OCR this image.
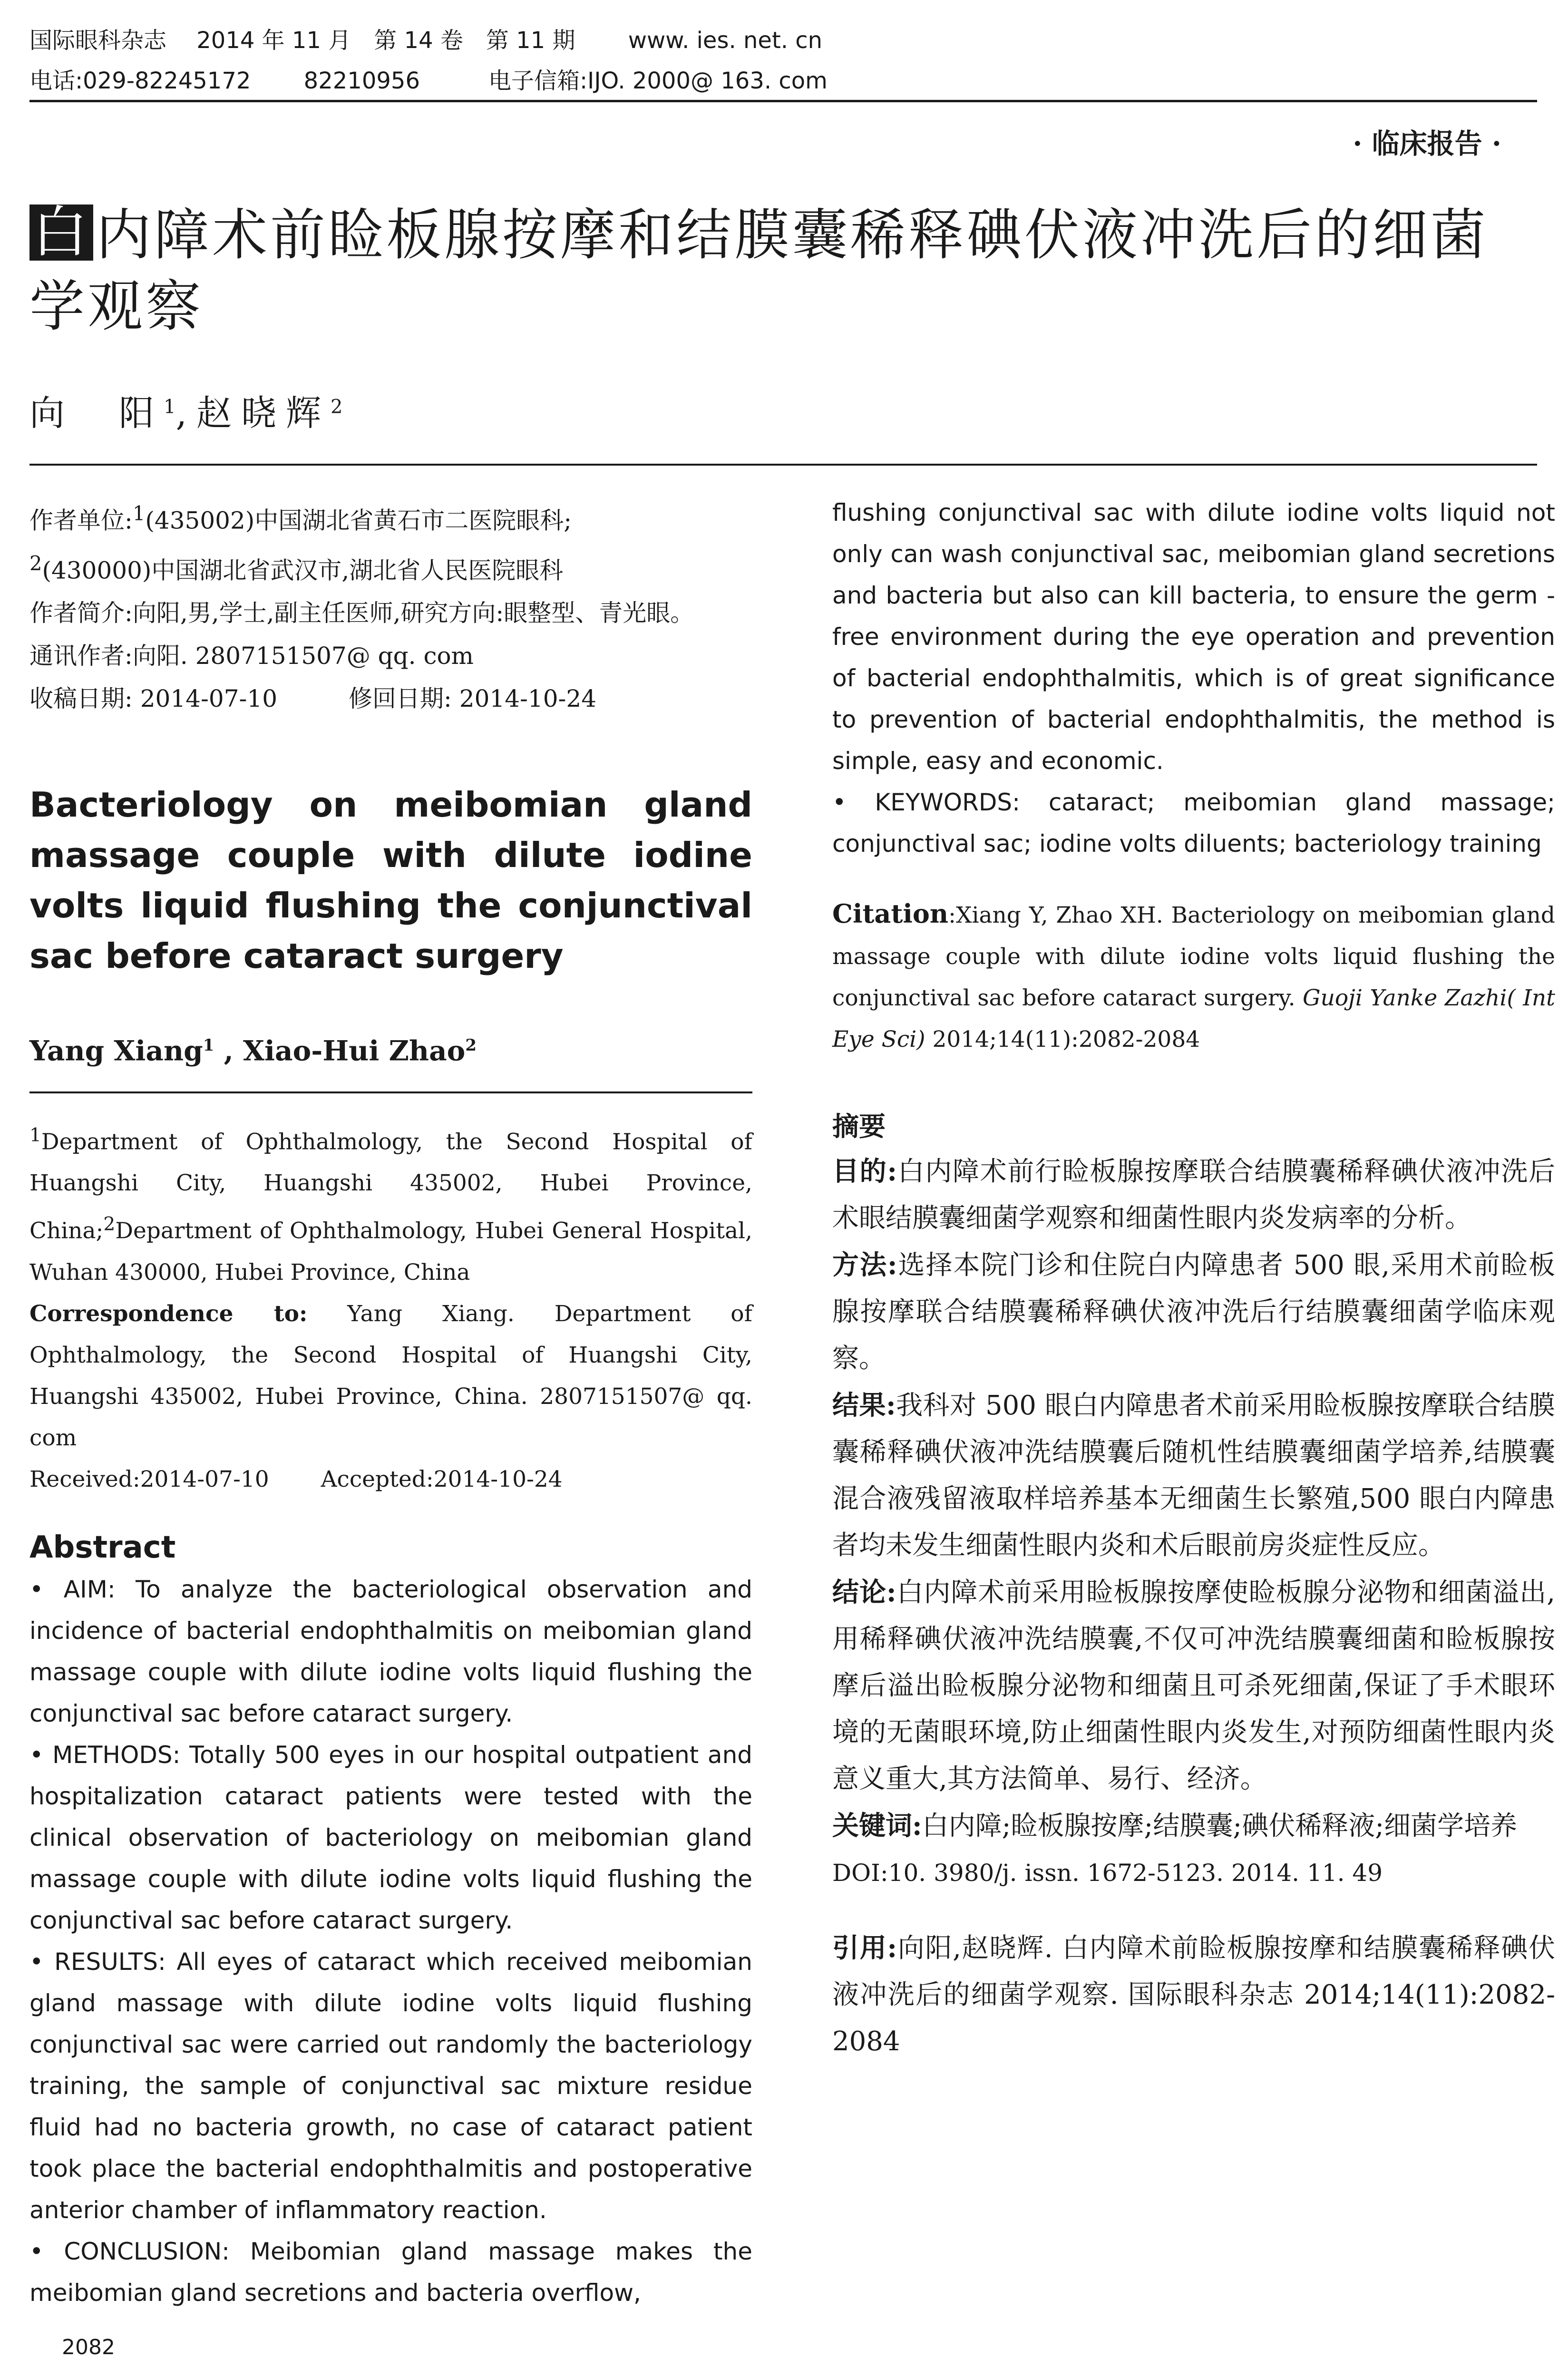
国际眼科杂志　 2014 年 11 月　第 14 卷　第 11 期　　 www. ies. net. cn
电话:029-82245172　　 82210956　　　电子信箱:IJO. 2000@ 163. com
· 临床报告 ·
白 内障术前睑板腺按摩和结膜囊稀释碘伏液冲洗后的细菌学观察
向　阳$^1$,赵晓辉$^2$

作者单位:$^1$(435002)中国湖北省黄石市二医院眼科;
$^2$(430000)中国湖北省武汉市,湖北省人民医院眼科

作者简介:向阳,男,学士,副主任医师,研究方向:眼整型、青光眼。

通讯作者:向阳. 2807151507@ qq. com

收稿日期: 2014-07-10　　　修回日期: 2014-10-24

Bacteriology on meibomian gland massage couple with dilute iodine volts liquid flushing the conjunctival sac before cataract surgery

Yang Xiang$^1$ , Xiao-Hui Zhao$^2$

$^1$Department of Ophthalmology, the Second Hospital of Huangshi City, Huangshi 435002, Hubei Province, China;$^2$Department of Ophthalmology, Hubei General Hospital, Wuhan 430000, Hubei Province, China

Correspondence to: Yang Xiang. Department of Ophthalmology, the Second Hospital of Huangshi City, Huangshi 435002, Hubei Province, China. 2807151507@ qq. com

Received:2014-07-10　　 Accepted:2014-10-24

Abstract

• AIM: To analyze the bacteriological observation and incidence of bacterial endophthalmitis on meibomian gland massage couple with dilute iodine volts liquid flushing the conjunctival sac before cataract surgery.

• METHODS: Totally 500 eyes in our hospital outpatient and hospitalization cataract patients were tested with the clinical observation of bacteriology on meibomian gland massage couple with dilute iodine volts liquid flushing the conjunctival sac before cataract surgery.

• RESULTS: All eyes of cataract which received meibomian gland massage with dilute iodine volts liquid flushing conjunctival sac were carried out randomly the bacteriology training, the sample of conjunctival sac mixture residue fluid had no bacteria growth, no case of cataract patient took place the bacterial endophthalmitis and postoperative anterior chamber of inflammatory reaction.

• CONCLUSION: Meibomian gland massage makes the meibomian gland secretions and bacteria overflow,

flushing conjunctival sac with dilute iodine volts liquid not only can wash conjunctival sac, meibomian gland secretions and bacteria but also can kill bacteria, to ensure the germ - free environment during the eye operation and prevention of bacterial endophthalmitis, which is of great significance to prevention of bacterial endophthalmitis, the method is simple, easy and economic.

• KEYWORDS: cataract; meibomian gland massage; conjunctival sac; iodine volts diluents; bacteriology training

Citation:Xiang Y, Zhao XH. Bacteriology on meibomian gland massage couple with dilute iodine volts liquid flushing the conjunctival sac before cataract surgery. Guoji Yanke Zazhi( Int Eye Sci) 2014;14(11):2082-2084

摘要

目的:白内障术前行睑板腺按摩联合结膜囊稀释碘伏液冲洗后术眼结膜囊细菌学观察和细菌性眼内炎发病率的分析。

方法:选择本院门诊和住院白内障患者 500 眼,采用术前睑板腺按摩联合结膜囊稀释碘伏液冲洗后行结膜囊细菌学临床观察。

结果:我科对 500 眼白内障患者术前采用睑板腺按摩联合结膜囊稀释碘伏液冲洗结膜囊后随机性结膜囊细菌学培养,结膜囊混合液残留液取样培养基本无细菌生长繁殖,500 眼白内障患者均未发生细菌性眼内炎和术后眼前房炎症性反应。

结论:白内障术前采用睑板腺按摩使睑板腺分泌物和细菌溢出,用稀释碘伏液冲洗结膜囊,不仅可冲洗结膜囊细菌和睑板腺按摩后溢出睑板腺分泌物和细菌且可杀死细菌,保证了手术眼环境的无菌眼环境,防止细菌性眼内炎发生,对预防细菌性眼内炎意义重大,其方法简单、易行、经济。

关键词:白内障;睑板腺按摩;结膜囊;碘伏稀释液;细菌学培养

DOI:10. 3980/j. issn. 1672-5123. 2014. 11. 49

引用:向阳,赵晓辉. 白内障术前睑板腺按摩和结膜囊稀释碘伏液冲洗后的细菌学观察. 国际眼科杂志 2014;14(11):2082-2084

2082
